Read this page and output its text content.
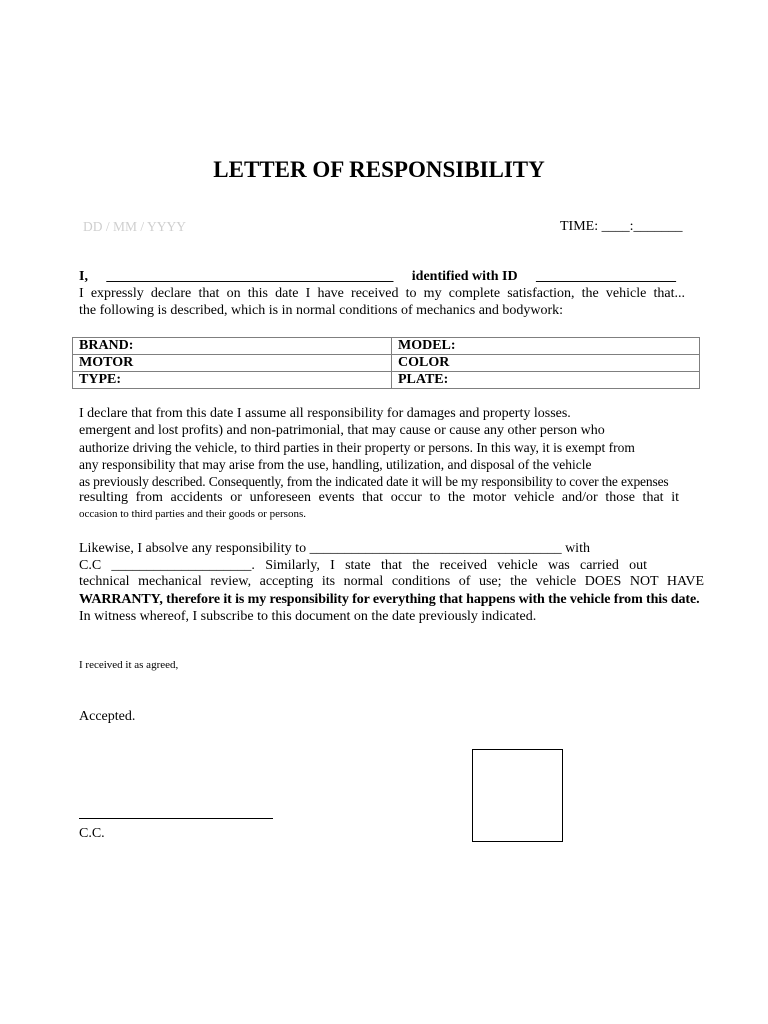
LETTER OF RESPONSIBILITY
DD / MM / YYYY	TIME: ____:_______
I, _________________________________________ identified with ID ____________________
I expressly declare that on this date I have received to my complete satisfaction, the vehicle that...
the following is described, which is in normal conditions of mechanics and bodywork:
BRAND:	MODEL:
MOTOR	COLOR
TYPE:	PLATE:
I declare that from this date I assume all responsibility for damages and property losses.
emergent and lost profits) and non-patrimonial, that may cause or cause any other person who
authorize driving the vehicle, to third parties in their property or persons. In this way, it is exempt from
any responsibility that may arise from the use, handling, utilization, and disposal of the vehicle
as previously described. Consequently, from the indicated date it will be my responsibility to cover the expenses
resulting from accidents or unforeseen events that occur to the motor vehicle and/or those that it
occasion to third parties and their goods or persons.
Likewise, I absolve any responsibility to ____________________________________ with
C.C ____________________. Similarly, I state that the received vehicle was carried out
technical mechanical review, accepting its normal conditions of use; the vehicle DOES NOT HAVE
WARRANTY, therefore it is my responsibility for everything that happens with the vehicle from this date.
In witness whereof, I subscribe to this document on the date previously indicated.
I received it as agreed,
Accepted.
C.C.
